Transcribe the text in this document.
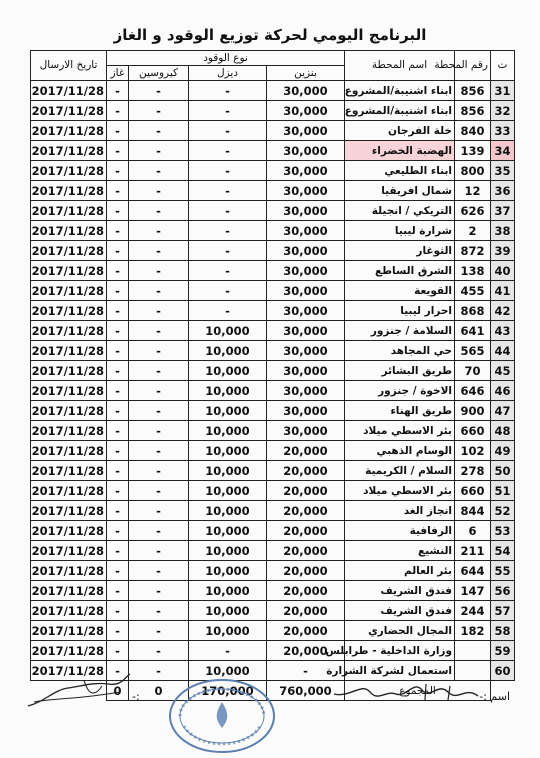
البرنامج اليومي لحركة توزيع الوقود و الغاز
ت	رقم المحطة	اسم المحطة	نوع الوقود				تاريخ الارسال
			بنزين	ديزل	كيروسين	غاز	
31	856	ابناء اشنيبة/المشروع	30,000	-	-	-	2017/11/28
32	856	ابناء اشنيبة/المشروع	30,000	-	-	-	2017/11/28
33	840	خلة الفرجان	30,000	-	-	-	2017/11/28
34	139	الهضبة الخضراء	30,000	-	-	-	2017/11/28
35	800	ابناء الطليعي	30,000	-	-	-	2017/11/28
36	12	شمال افريقيا	30,000	-	-	-	2017/11/28
37	626	التريكي / انجيلة	30,000	-	-	-	2017/11/28
38	2	شرارة ليبيا	30,000	-	-	-	2017/11/28
39	872	الثوغار	30,000	-	-	-	2017/11/28
40	138	الشرق الساطع	30,000	-	-	-	2017/11/28
41	455	القويعة	30,000	-	-	-	2017/11/28
42	868	احرار ليبيا	30,000	-	-	-	2017/11/28
43	641	السلامة / جنزور	30,000	10,000	-	-	2017/11/28
44	565	حي المجاهد	30,000	10,000	-	-	2017/11/28
45	70	طريق البشائر	30,000	10,000	-	-	2017/11/28
46	646	الاخوة / جنزور	30,000	10,000	-	-	2017/11/28
47	900	طريق الهناء	30,000	10,000	-	-	2017/11/28
48	660	بئر الاسطي ميلاد	30,000	10,000	-	-	2017/11/28
49	102	الوسام الذهبي	20,000	10,000	-	-	2017/11/28
50	278	السلام / الكريمية	20,000	10,000	-	-	2017/11/28
51	660	بئر الاسطي ميلاد	20,000	10,000	-	-	2017/11/28
52	844	انجاز الغد	20,000	10,000	-	-	2017/11/28
53	6	الرفافية	20,000	10,000	-	-	2017/11/28
54	211	النشيع	20,000	10,000	-	-	2017/11/28
55	644	بئر العالم	20,000	10,000	-	-	2017/11/28
56	147	فندق الشريف	20,000	10,000	-	-	2017/11/28
57	244	فندق الشريف	20,000	10,000	-	-	2017/11/28
58	182	المجال الحضاري	20,000	10,000	-	-	2017/11/28
59		وزارة الداخلية - طرابلس	20,000	-	-	-	2017/11/28
60		استعمال لشركة الشرارة	-	10,000	-	-	2017/11/28
	المجموع		760,000	170,000	0	0		اسم :-
:-
